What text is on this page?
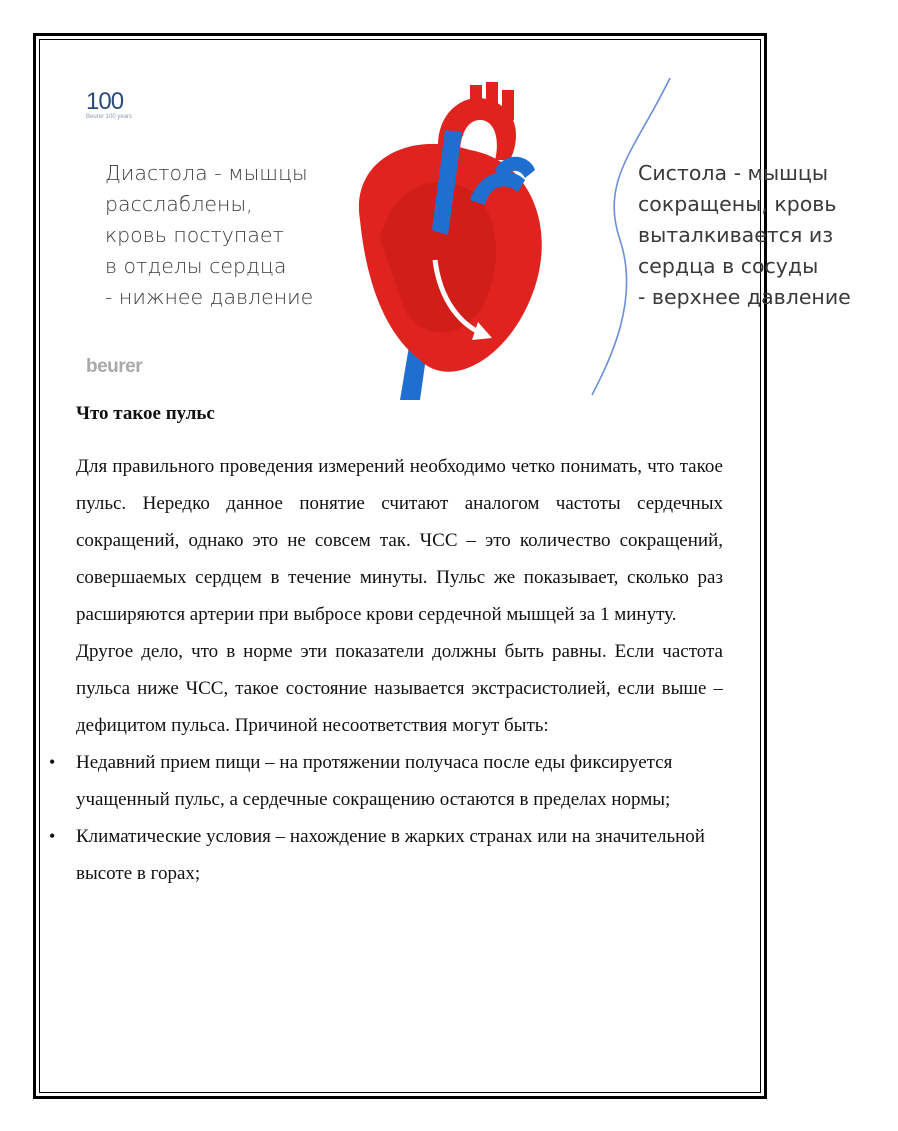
100
Beurer 100 years
Диастола - мышцы
расслаблены,
кровь поступает
в отделы сердца
- нижнее давление
Систола - мышцы
сокращены, кровь
выталкивается из
сердца в сосуды
- верхнее давление
beurer
Что такое пульс

Для правильного проведения измерений необходимо четко понимать, что такое пульс. Нередко данное понятие считают аналогом частоты сердечных сокращений, однако это не совсем так. ЧСС – это количество сокращений, совершаемых сердцем в течение минуты. Пульс же показывает, сколько раз расширяются артерии при выбросе крови сердечной мышцей за 1 минуту.

Другое дело, что в норме эти показатели должны быть равны. Если частота пульса ниже ЧСС, такое состояние называется экстрасистолией, если выше – дефицитом пульса. Причиной несоответствия могут быть:

• Недавний прием пищи – на протяжении получаса после еды фиксируется учащенный пульс, а сердечные сокращению остаются в пределах нормы;
• Климатические условия – нахождение в жарких странах или на значительной высоте в горах;
